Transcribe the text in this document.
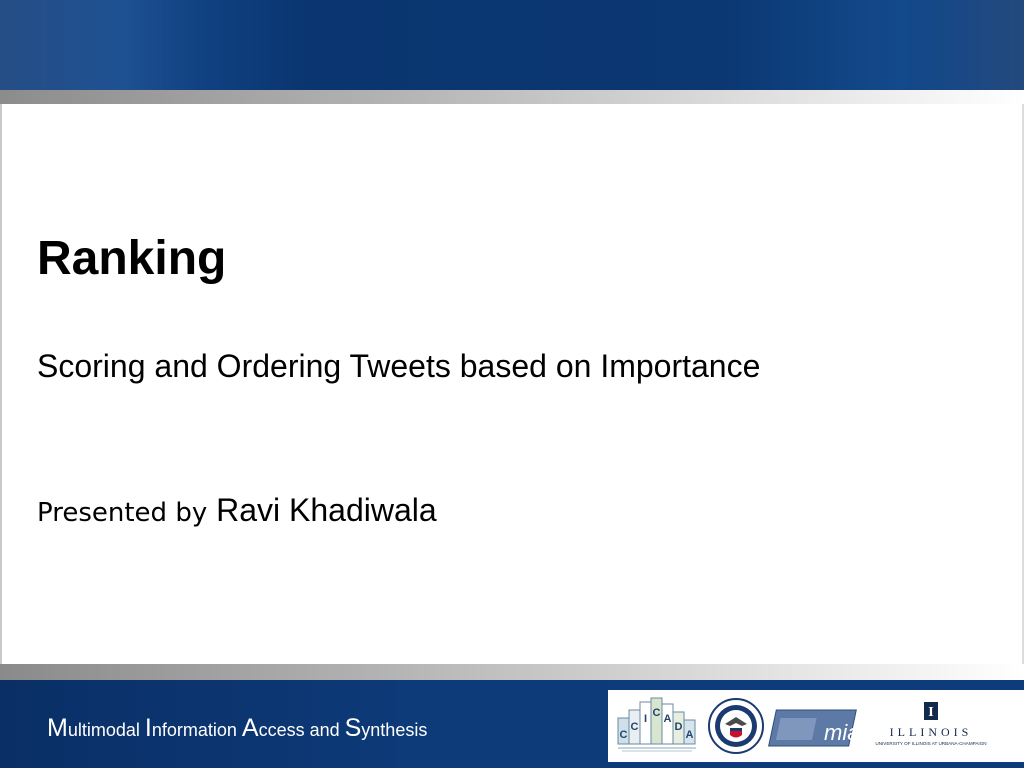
Ranking

Scoring and Ordering Tweets based on Importance

Presented by Ravi Khadiwala

Multimodal Information Access and Synthesis	C
C
I C A
D
A	mias
I
ILLINOIS
UNIVERSITY OF ILLINOIS AT URBANA-CHAMPAIGN
